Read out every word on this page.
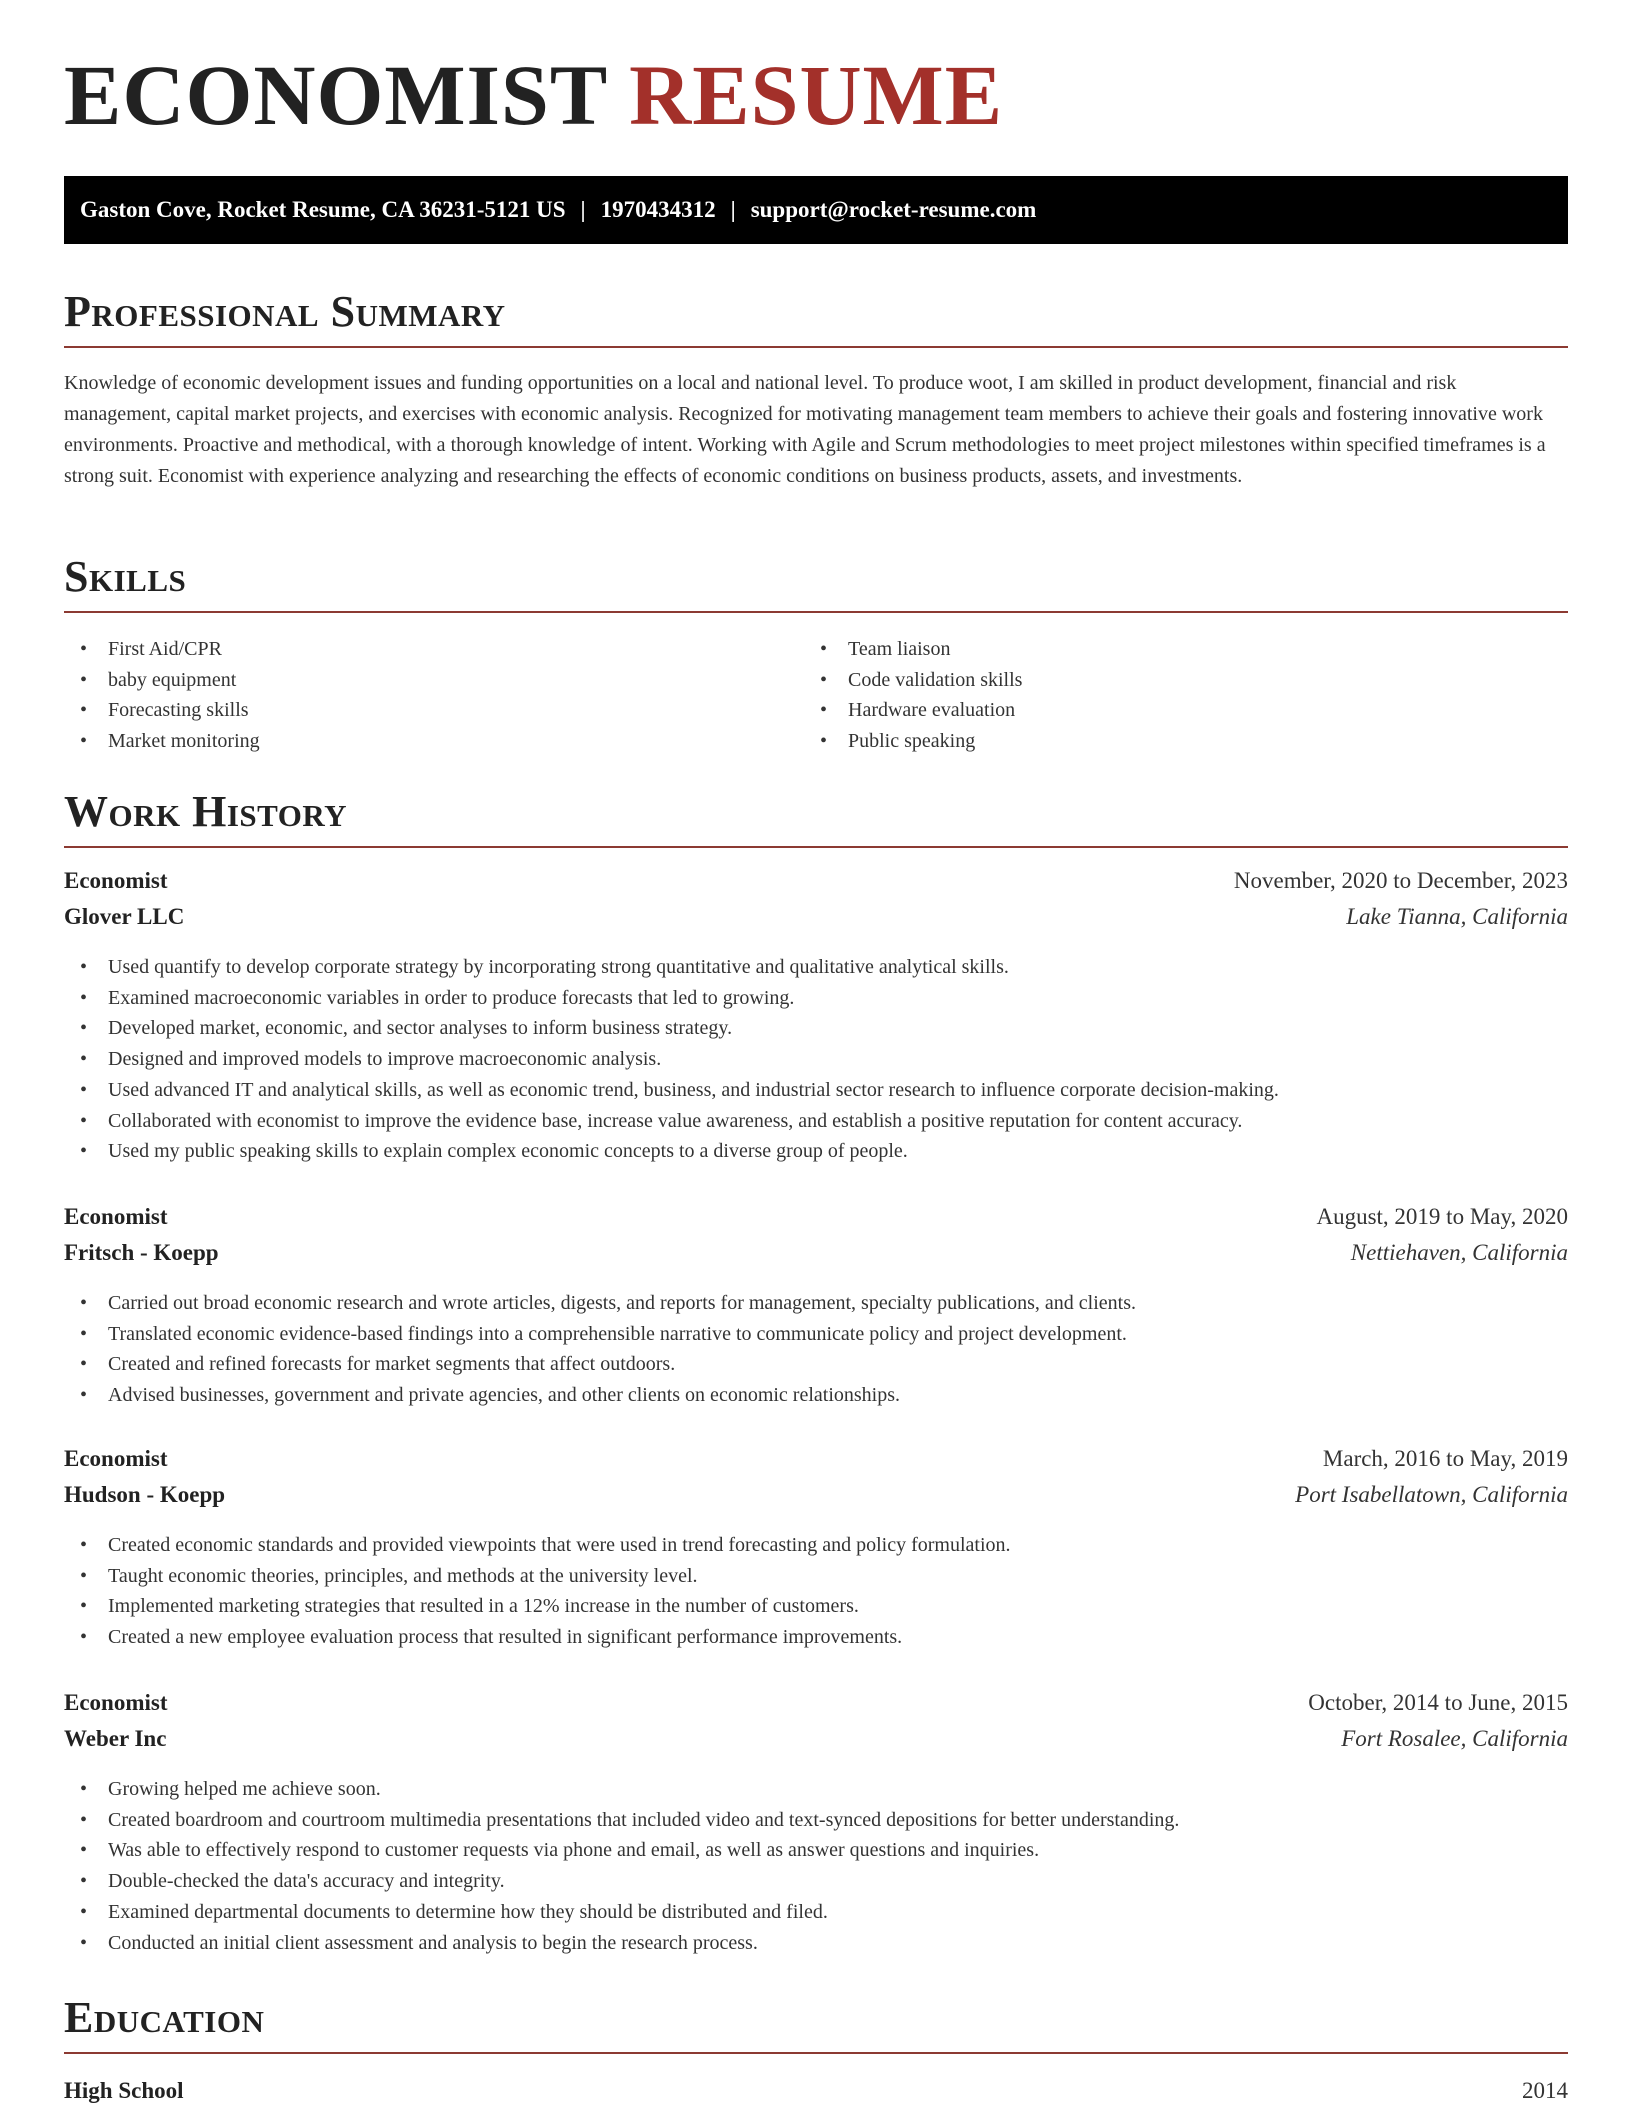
ECONOMIST RESUME
Gaston Cove, Rocket Resume, CA 36231-5121 US | 1970434312 | support@rocket-resume.com
Professional Summary

Knowledge of economic development issues and funding opportunities on a local and national level. To produce woot, I am skilled in product development, financial and risk management, capital market projects, and exercises with economic analysis. Recognized for motivating management team members to achieve their goals and fostering innovative work environments. Proactive and methodical, with a thorough knowledge of intent. Working with Agile and Scrum methodologies to meet project milestones within specified timeframes is a strong suit. Economist with experience analyzing and researching the effects of economic conditions on business products, assets, and investments.

Skills
• First Aid/CPR
• baby equipment
• Forecasting skills
• Market monitoring
• Team liaison
• Code validation skills
• Hardware evaluation
• Public speaking
Work History
Economist	November, 2020 to December, 2023
Glover LLC	Lake Tianna, California
• Used quantify to develop corporate strategy by incorporating strong quantitative and qualitative analytical skills.
• Examined macroeconomic variables in order to produce forecasts that led to growing.
• Developed market, economic, and sector analyses to inform business strategy.
• Designed and improved models to improve macroeconomic analysis.
• Used advanced IT and analytical skills, as well as economic trend, business, and industrial sector research to influence corporate decision-making.
• Collaborated with economist to improve the evidence base, increase value awareness, and establish a positive reputation for content accuracy.
• Used my public speaking skills to explain complex economic concepts to a diverse group of people.
Economist	August, 2019 to May, 2020
Fritsch - Koepp	Nettiehaven, California
• Carried out broad economic research and wrote articles, digests, and reports for management, specialty publications, and clients.
• Translated economic evidence-based findings into a comprehensible narrative to communicate policy and project development.
• Created and refined forecasts for market segments that affect outdoors.
• Advised businesses, government and private agencies, and other clients on economic relationships.
Economist	March, 2016 to May, 2019
Hudson - Koepp	Port Isabellatown, California
• Created economic standards and provided viewpoints that were used in trend forecasting and policy formulation.
• Taught economic theories, principles, and methods at the university level.
• Implemented marketing strategies that resulted in a 12% increase in the number of customers.
• Created a new employee evaluation process that resulted in significant performance improvements.
Economist	October, 2014 to June, 2015
Weber Inc	Fort Rosalee, California
• Growing helped me achieve soon.
• Created boardroom and courtroom multimedia presentations that included video and text-synced depositions for better understanding.
• Was able to effectively respond to customer requests via phone and email, as well as answer questions and inquiries.
• Double-checked the data's accuracy and integrity.
• Examined departmental documents to determine how they should be distributed and filed.
• Conducted an initial client assessment and analysis to begin the research process.
Education
High School	2014
